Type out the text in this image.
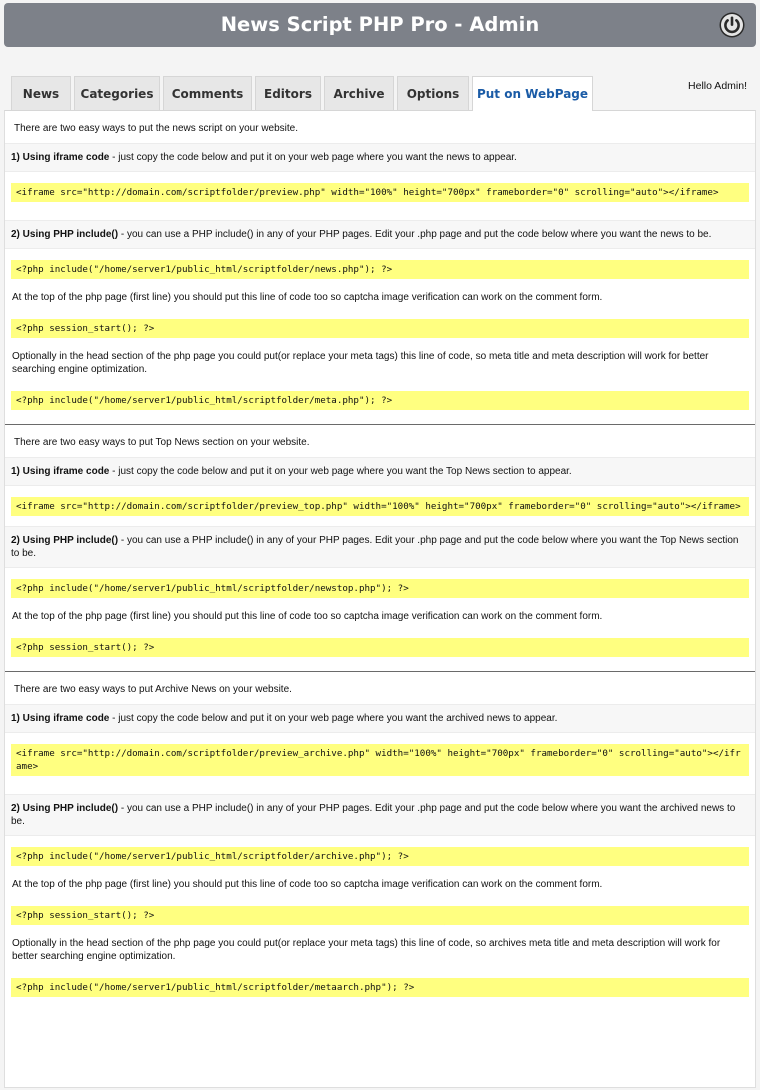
News Script PHP Pro - Admin
News	Categories	Comments	Editors	Archive	Options	Put on WebPage
Hello Admin!
There are two easy ways to put the news script on your website.
1) Using iframe code - just copy the code below and put it on your web page where you want the news to appear.
<iframe src="http://domain.com/scriptfolder/preview.php" width="100%" height="700px" frameborder="0" scrolling="auto"></iframe>
2) Using PHP include() - you can use a PHP include() in any of your PHP pages. Edit your .php page and put the code below where you want the news to be.
<?php include("/home/server1/public_html/scriptfolder/news.php"); ?>
At the top of the php page (first line) you should put this line of code too so captcha image verification can work on the comment form.
<?php session_start(); ?>
Optionally in the head section of the php page you could put(or replace your meta tags) this line of code, so meta title and meta description will work for better searching engine optimization.
<?php include("/home/server1/public_html/scriptfolder/meta.php"); ?>
There are two easy ways to put Top News section on your website.
1) Using iframe code - just copy the code below and put it on your web page where you want the Top News section to appear.
<iframe src="http://domain.com/scriptfolder/preview_top.php" width="100%" height="700px" frameborder="0" scrolling="auto"></iframe>
2) Using PHP include() - you can use a PHP include() in any of your PHP pages. Edit your .php page and put the code below where you want the Top News section to be.
<?php include("/home/server1/public_html/scriptfolder/newstop.php"); ?>
At the top of the php page (first line) you should put this line of code too so captcha image verification can work on the comment form.
<?php session_start(); ?>
There are two easy ways to put Archive News on your website.
1) Using iframe code - just copy the code below and put it on your web page where you want the archived news to appear.
<iframe src="http://domain.com/scriptfolder/preview_archive.php" width="100%" height="700px" frameborder="0" scrolling="auto"></iframe>
2) Using PHP include() - you can use a PHP include() in any of your PHP pages. Edit your .php page and put the code below where you want the archived news to be.
<?php include("/home/server1/public_html/scriptfolder/archive.php"); ?>
At the top of the php page (first line) you should put this line of code too so captcha image verification can work on the comment form.
<?php session_start(); ?>
Optionally in the head section of the php page you could put(or replace your meta tags) this line of code, so archives meta title and meta description will work for better searching engine optimization.
<?php include("/home/server1/public_html/scriptfolder/metaarch.php"); ?>
